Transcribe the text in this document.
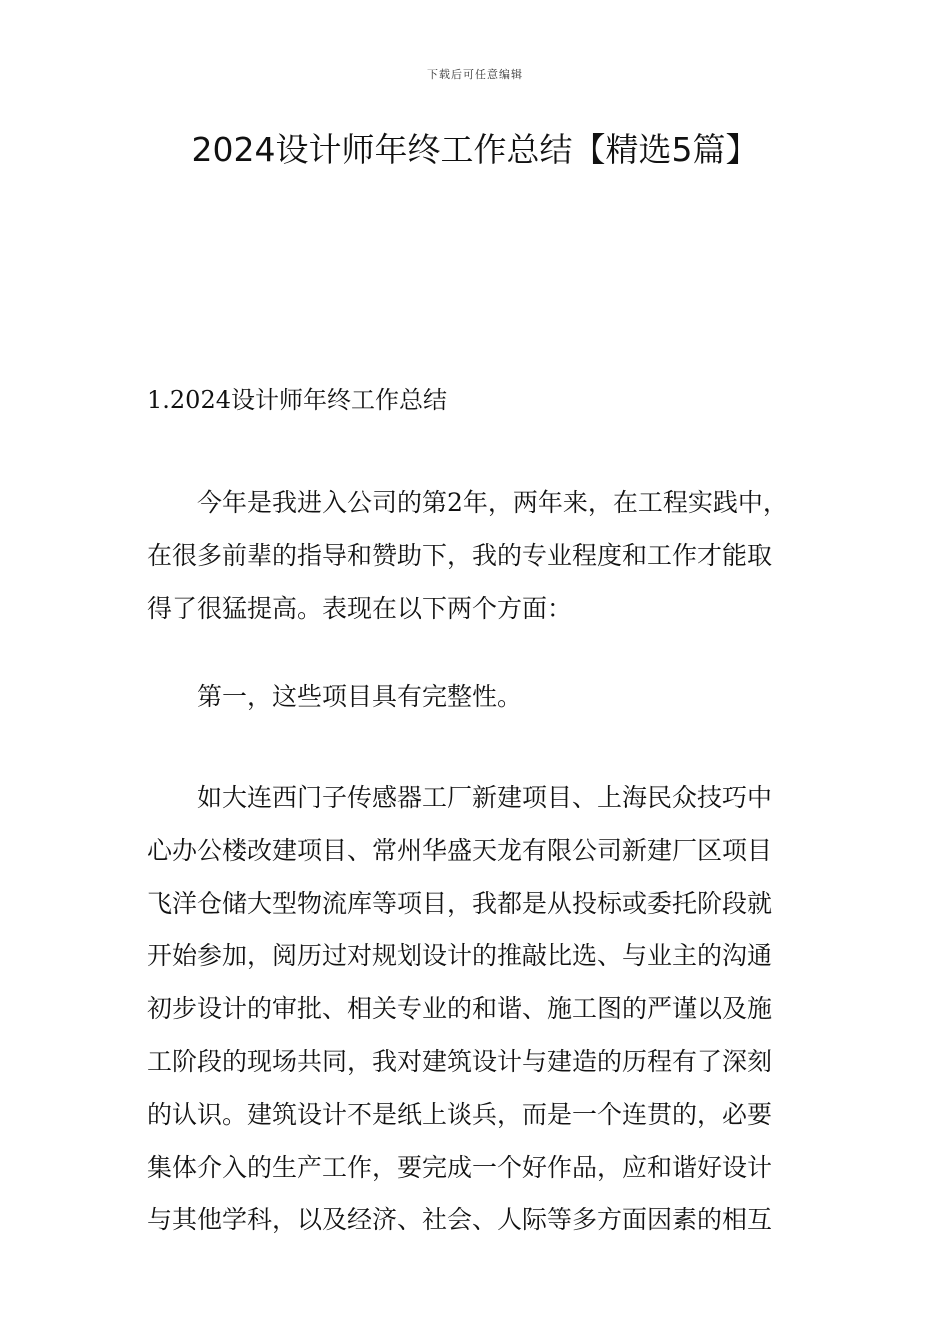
下载后可任意编辑
2024设计师年终工作总结【精选5篇】
1.2024设计师年终工作总结
今年是我进入公司的第2年，两年来，在工程实践中，
在很多前辈的指导和赞助下，我的专业程度和工作才能取
得了很猛提高。表现在以下两个方面：
第一，这些项目具有完整性。
如大连西门子传感器工厂新建项目、上海民众技巧中
心办公楼改建项目、常州华盛天龙有限公司新建厂区项目
飞洋仓储大型物流库等项目，我都是从投标或委托阶段就
开始参加，阅历过对规划设计的推敲比选、与业主的沟通
初步设计的审批、相关专业的和谐、施工图的严谨以及施
工阶段的现场共同，我对建筑设计与建造的历程有了深刻
的认识。建筑设计不是纸上谈兵，而是一个连贯的，必要
集体介入的生产工作，要完成一个好作品，应和谐好设计
与其他学科，以及经济、社会、人际等多方面因素的相互
